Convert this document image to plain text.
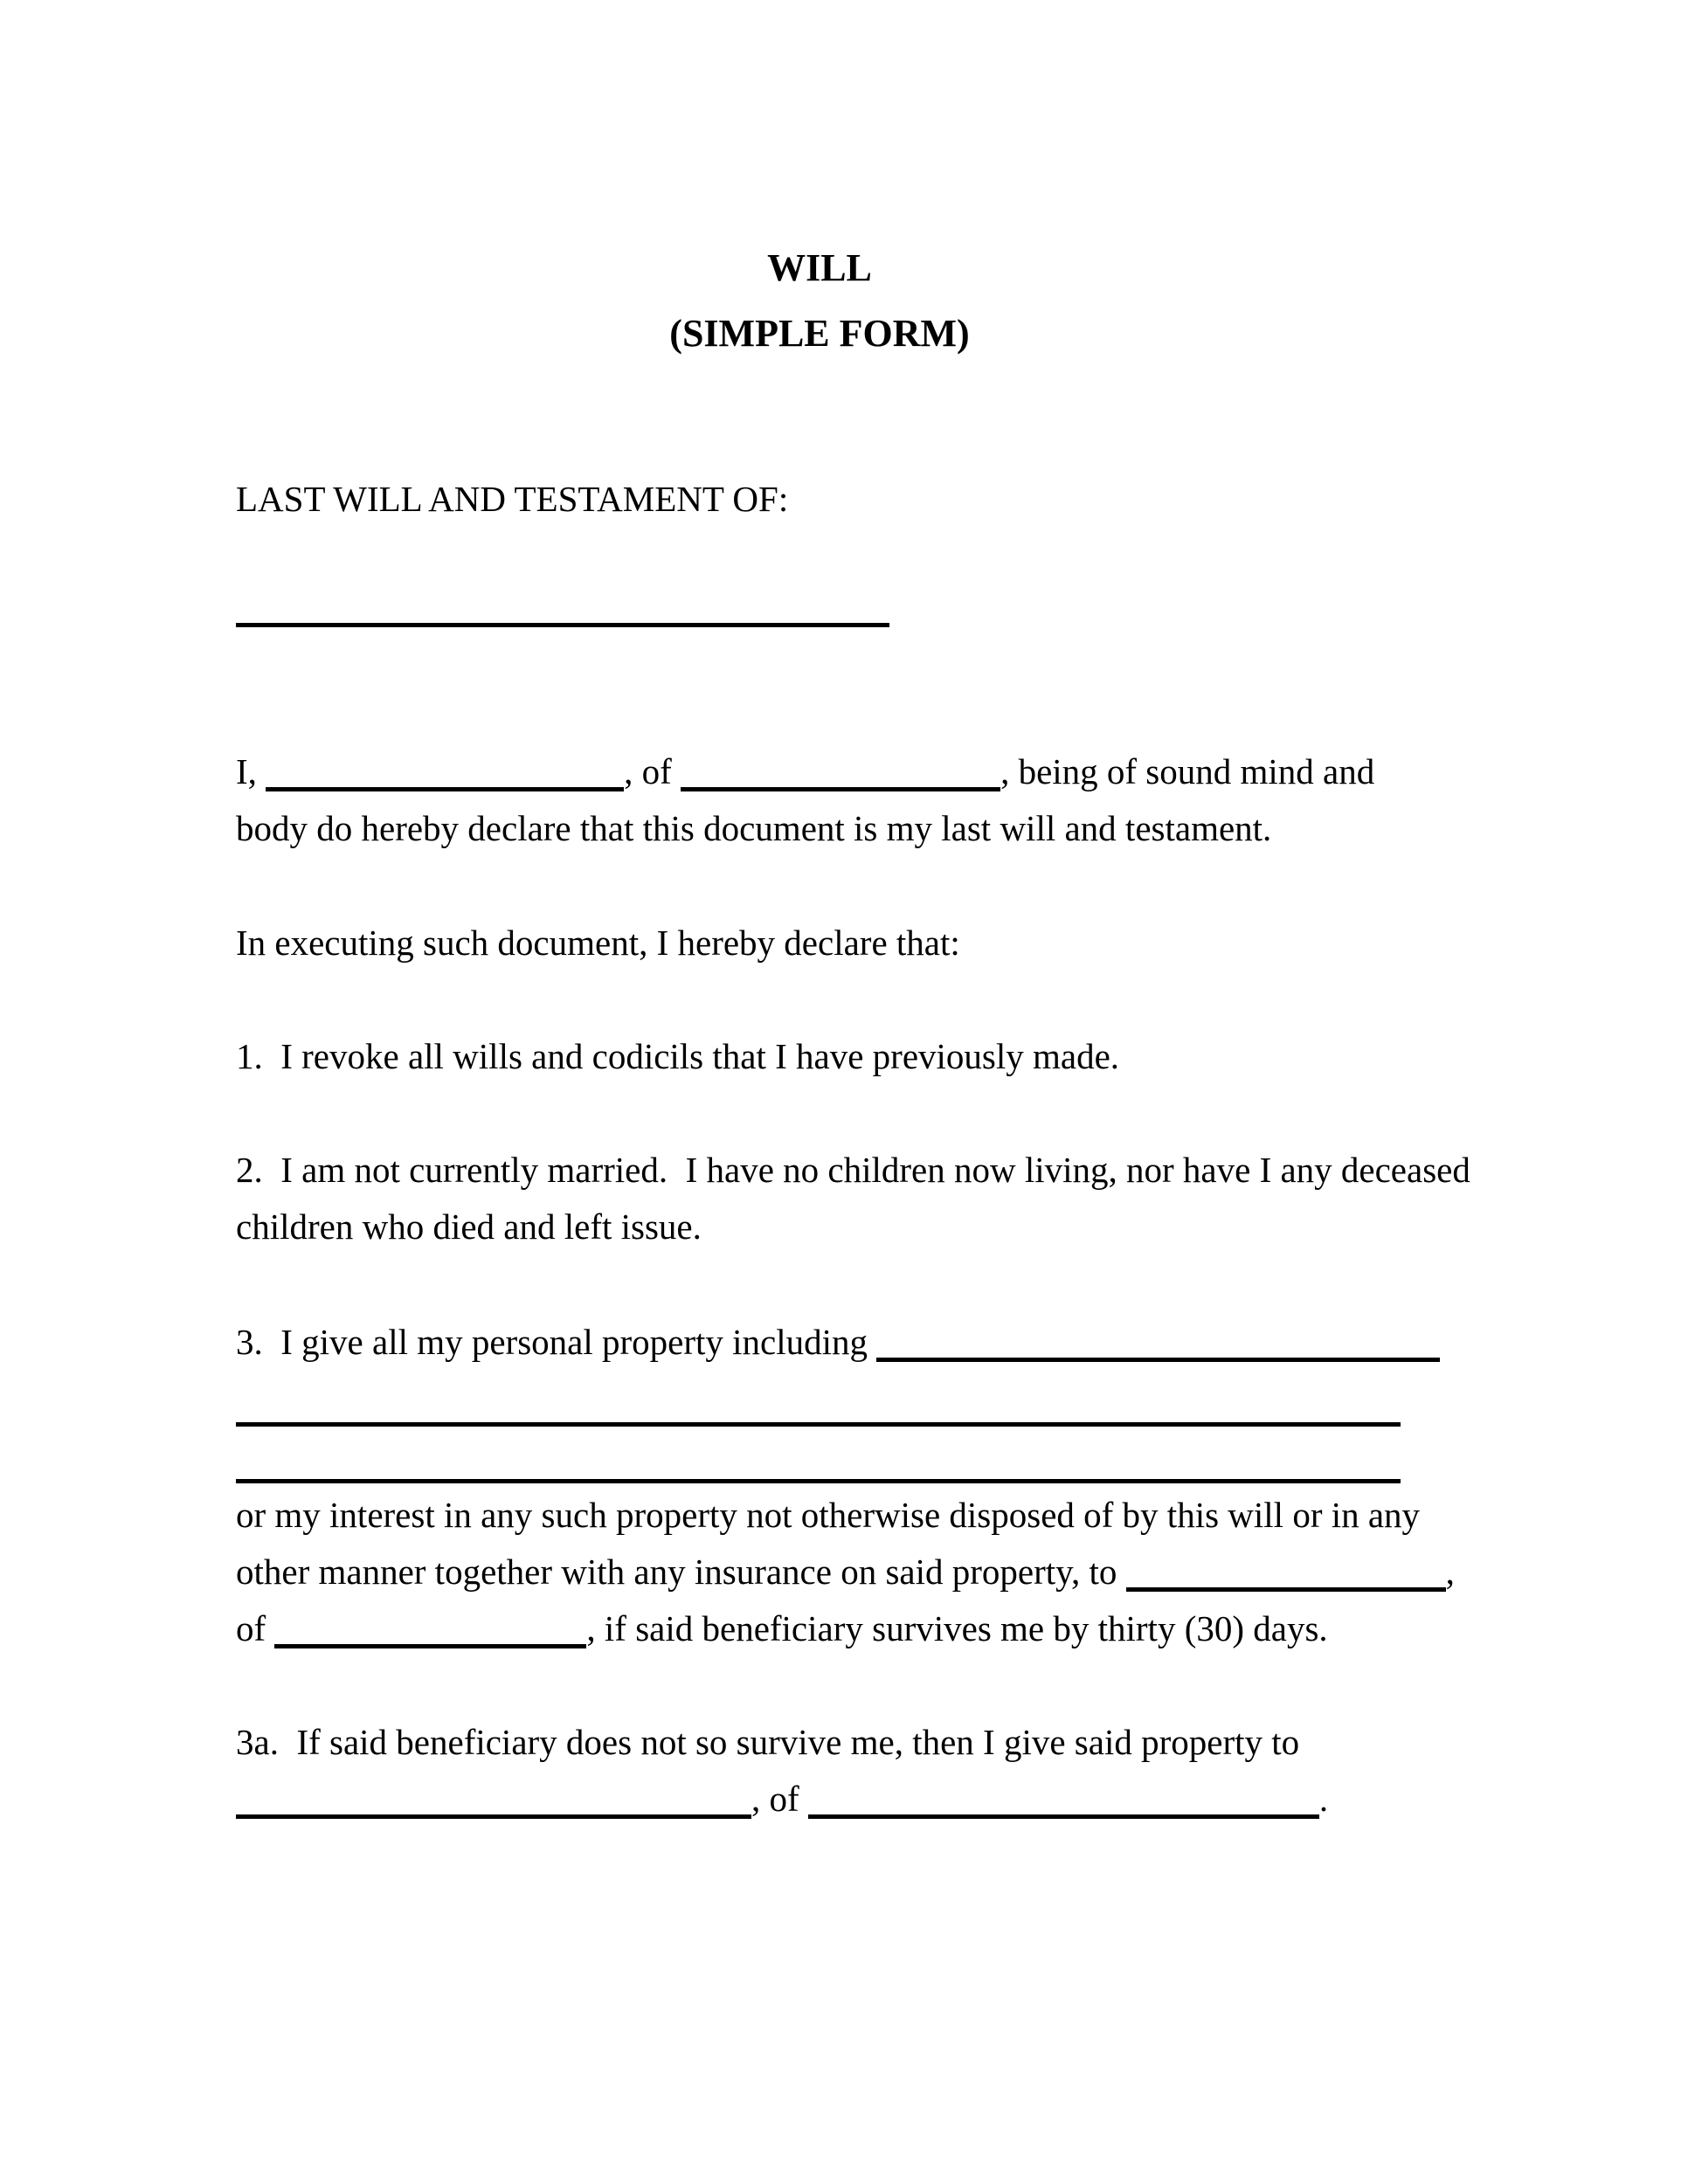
WILL
(SIMPLE FORM)

LAST WILL AND TESTAMENT OF:

I,	, of	, being of sound mind and
body do hereby declare that this document is my last will and testament.

In executing such document, I hereby declare that:

1.  I revoke all wills and codicils that I have previously made.

2.  I am not currently married.  I have no children now living, nor have I any deceased
children who died and left issue.

3.  I give all my personal property including

or my interest in any such property not otherwise disposed of by this will or in any
other manner together with any insurance on said property, to	,
of	, if said beneficiary survives me by thirty (30) days.

3a.  If said beneficiary does not so survive me, then I give said property to
, of	.
